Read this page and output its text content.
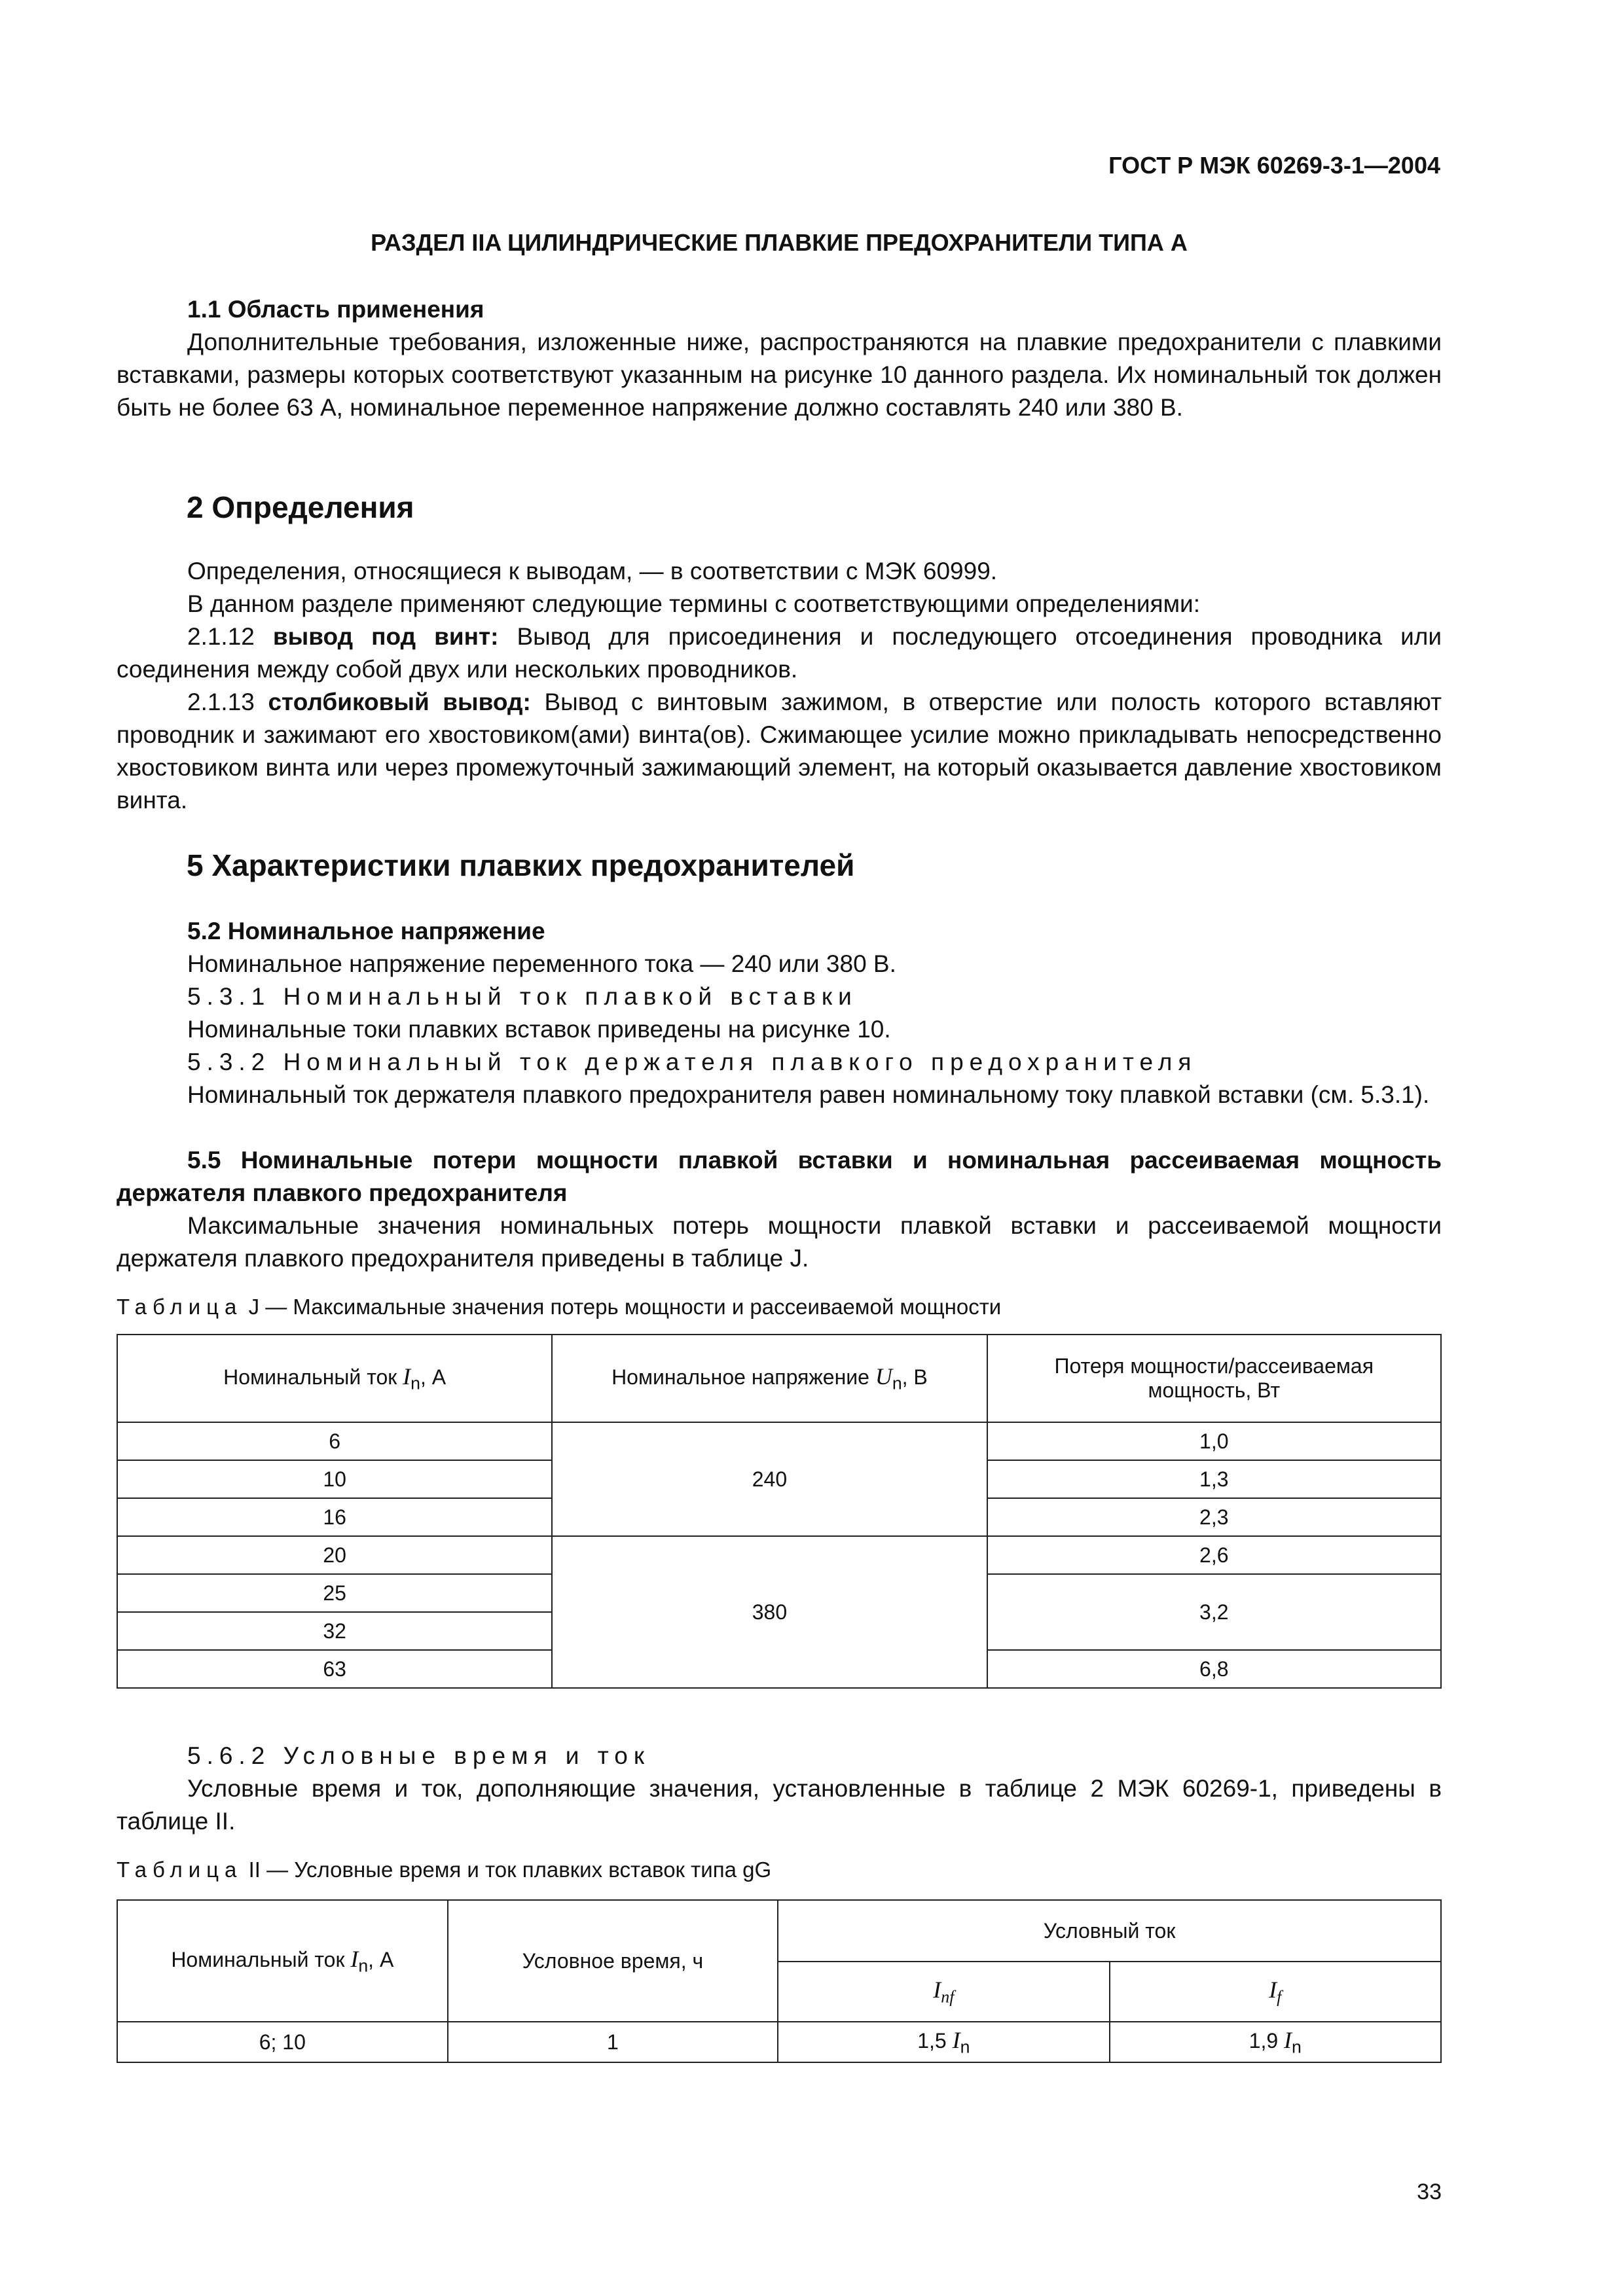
ГОСТ Р МЭК 60269-3-1—2004
РАЗДЕЛ IIA ЦИЛИНДРИЧЕСКИЕ ПЛАВКИЕ ПРЕДОХРАНИТЕЛИ ТИПА А
1.1 Область применения
Дополнительные требования, изложенные ниже, распространяются на плавкие предохранители с плавкими вставками, размеры которых соответствуют указанным на рисунке 10 данного раздела. Их номинальный ток должен быть не более 63 А, номинальное переменное напряжение должно составлять 240 или 380 В.
2 Определения
Определения, относящиеся к выводам, — в соответствии с МЭК 60999.
В данном разделе применяют следующие термины с соответствующими определениями:
2.1.12 вывод под винт: Вывод для присоединения и последующего отсоединения проводника или соединения между собой двух или нескольких проводников.
2.1.13 столбиковый вывод: Вывод с винтовым зажимом, в отверстие или полость которого вставляют проводник и зажимают его хвостовиком(ами) винта(ов). Сжимающее усилие можно прикладывать непосредственно хвостовиком винта или через промежуточный зажимающий элемент, на который оказывается давление хвостовиком винта.
5 Характеристики плавких предохранителей
5.2 Номинальное напряжение
Номинальное напряжение переменного тока — 240 или 380 В.
5.3.1 Номинальный ток плавкой вставки
Номинальные токи плавких вставок приведены на рисунке 10.
5.3.2 Номинальный ток держателя плавкого предохранителя
Номинальный ток держателя плавкого предохранителя равен номинальному току плавкой вставки (см. 5.3.1).
5.5 Номинальные потери мощности плавкой вставки и номинальная рассеиваемая мощность держателя плавкого предохранителя
Максимальные значения номинальных потерь мощности плавкой вставки и рассеиваемой мощности держателя плавкого предохранителя приведены в таблице J.
Таблица J — Максимальные значения потерь мощности и рассеиваемой мощности
Номинальный ток $I_n$, А	Номинальное напряжение $U_n$, В	Потеря мощности/рассеиваемая мощность, Вт
6	240	1,0
10		1,3
16		2,3
20	380	2,6
25		3,2
32		
63		6,8
5.6.2 Условные время и ток
Условные время и ток, дополняющие значения, установленные в таблице 2 МЭК 60269-1, приведены в таблице II.
Таблица II — Условные время и ток плавких вставок типа gG
Номинальный ток $I_n$, А	Условное время, ч	Условный ток	
		$I_{nf}$	$I_f$
6; 10	1	1,5 $I_n$	1,9 $I_n$
33
